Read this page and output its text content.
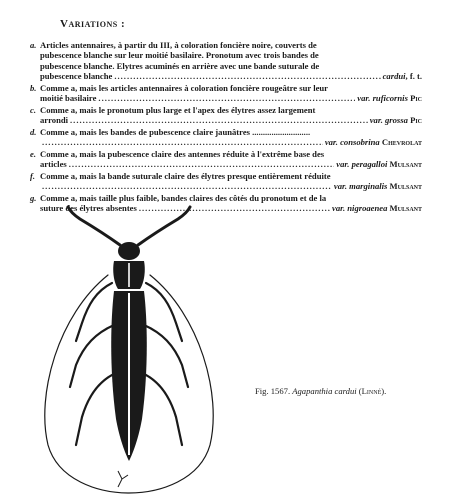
Variations :
a. Articles antennaires, à partir du III, à coloration foncière noire, couverts de
pubescence blanche sur leur moitié basilaire. Pronotum avec trois bandes de
pubescence blanche. Elytres acuminés en arrière avec une bande suturale de
pubescence blanche .....	cardui, f. t.
b. Comme a, mais les articles antennaires à coloration foncière rougeâtre sur leur
moitié basilaire .....	var. ruficornis Pic
c. Comme a, mais le pronotum plus large et l'apex des élytres assez largement
arrondi .....	var. grossa Pic
d. Comme a, mais les bandes de pubescence claire jaunâtres ...........................
.....
var. consobrina Chevrolat
e. Comme a, mais la pubescence claire des antennes réduite à l'extrême base des
articles .....	var. peragalloi Mulsant
f. Comme a, mais la bande suturale claire des élytres presque entièrement réduite
.....
var. marginalis Mulsant
g. Comme a, mais taille plus faible, bandes claires des côtés du pronotum et de la
suture des élytres absentes .....	var. nigroaenea Mulsant
Fig. 1567. Agapanthia cardui (Linné).
